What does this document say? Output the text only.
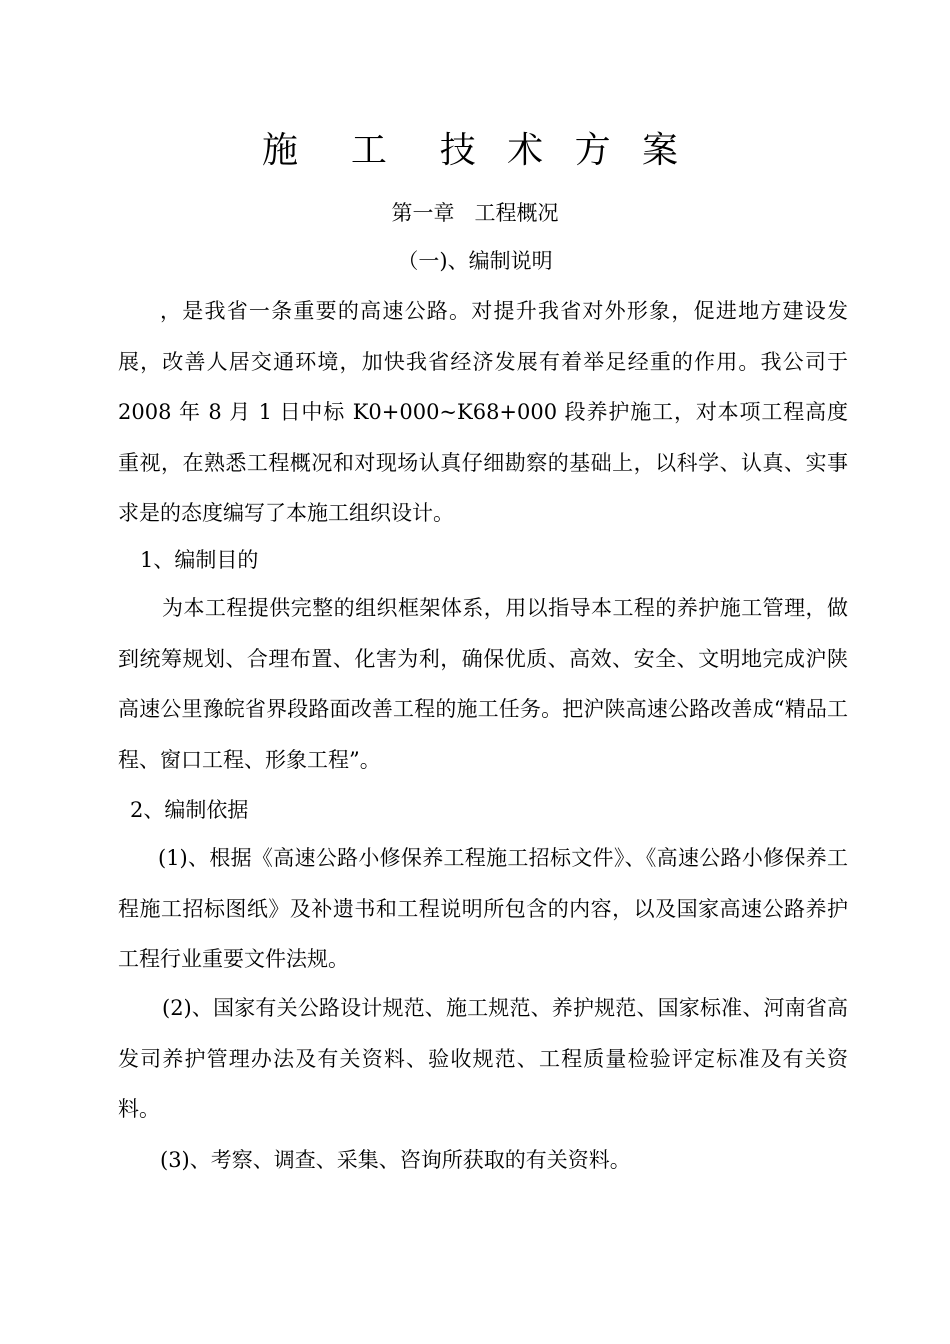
施  工  技 术 方 案
第一章   工程概况
（一)、编制说明

，是我省一条重要的高速公路。对提升我省对外形象，促进地方建设发展，改善人居交通环境，加快我省经济发展有着举足经重的作用。我公司于 2008 年 8 月 1 日中标 K0+000~K68+000 段养护施工，对本项工程高度重视，在熟悉工程概况和对现场认真仔细勘察的基础上，以科学、认真、实事求是的态度编写了本施工组织设计。

1、编制目的

为本工程提供完整的组织框架体系，用以指导本工程的养护施工管理，做到统筹规划、合理布置、化害为利，确保优质、高效、安全、文明地完成沪陕高速公里豫皖省界段路面改善工程的施工任务。把沪陕高速公路改善成“精品工程、窗口工程、形象工程”。

2、编制依据

(1)、根据《高速公路小修保养工程施工招标文件》、《高速公路小修保养工程施工招标图纸》及补遗书和工程说明所包含的内容，以及国家高速公路养护工程行业重要文件法规。

(2)、国家有关公路设计规范、施工规范、养护规范、国家标准、河南省高发司养护管理办法及有关资料、验收规范、工程质量检验评定标准及有关资料。

(3)、考察、调查、采集、咨询所获取的有关资料。
